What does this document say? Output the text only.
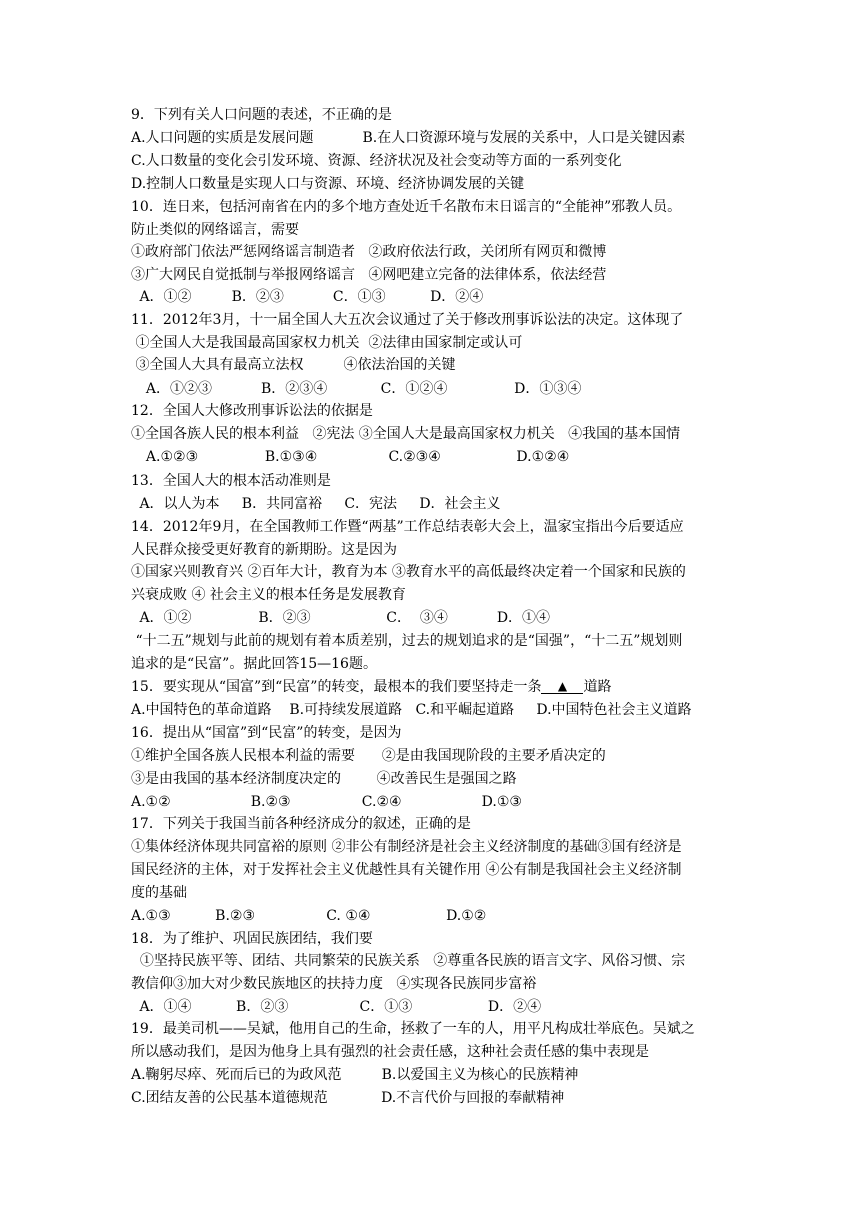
9．下列有关人口问题的表述，不正确的是
A.人口问题的实质是发展问题           B.在人口资源环境与发展的关系中，人口是关键因素
C.人口数量的变化会引发环境、资源、经济状况及社会变动等方面的一系列变化
D.控制人口数量是实现人口与资源、环境、经济协调发展的关键
10．连日来，包括河南省在内的多个地方查处近千名散布末日谣言的“全能神”邪教人员。
防止类似的网络谣言，需要
①政府部门依法严惩网络谣言制造者   ②政府依法行政，关闭所有网页和微博
③广大网民自觉抵制与举报网络谣言   ④网吧建立完备的法律体系，依法经营
A．①②         B．②③           C．①③          D．②④
11．2012年3月，十一届全国人大五次会议通过了关于修改刑事诉讼法的决定。这体现了
①全国人大是我国最高国家权力机关  ②法律由国家制定或认可
③全国人大具有最高立法权         ④依法治国的关键
A．①②③           B．②③④            C．①②④               D．①③④
12．全国人大修改刑事诉讼法的依据是
①全国各族人民的根本利益   ②宪法 ③全国人大是最高国家权力机关   ④我国的基本国情
A.①②③               B.①③④                C.②③④                 D.①②④
13．全国人大的根本活动准则是
A．以人为本     B．共同富裕     C．宪法     D．社会主义
14．2012年9月，在全国教师工作暨“两基”工作总结表彰大会上，温家宝指出今后要适应
人民群众接受更好教育的新期盼。这是因为
①国家兴则教育兴 ②百年大计，教育为本 ③教育水平的高低最终决定着一个国家和民族的
兴衰成败 ④ 社会主义的根本任务是发展教育
A．①②               B．②③                 C．  ③④           D．①④
“十二五”规划与此前的规划有着本质差别，过去的规划追求的是“国强”，“十二五”规划则
追求的是“民富”。据此回答15—16题。
A.中国特色的革命道路    B.可持续发展道路   C.和平崛起道路     D.中国特色社会主义道路
16．提出从“国富”到“民富”的转变，是因为
①维护全国各族人民根本利益的需要      ②是由我国现阶段的主要矛盾决定的
③是由我国的基本经济制度决定的        ④改善民生是强国之路
A.①②                  B.②③                C.②④                  D.①③
17．下列关于我国当前各种经济成分的叙述，正确的是
①集体经济体现共同富裕的原则 ②非公有制经济是社会主义经济制度的基础③国有经济是
国民经济的主体，对于发挥社会主义优越性具有关键作用 ④公有制是我国社会主义经济制
度的基础
A.①③          B.②③                C. ①④                 D.①②
18．为了维护、巩固民族团结，我们要
①坚持民族平等、团结、共同繁荣的民族关系   ②尊重各民族的语言文字、风俗习惯、宗
教信仰③加大对少数民族地区的扶持力度   ④实现各民族同步富裕
A．①④          B．②③                C．①③                 D．②④
19．最美司机——吴斌，他用自己的生命，拯救了一车的人，用平凡构成壮举底色。吴斌之
所以感动我们，是因为他身上具有强烈的社会责任感，这种社会责任感的集中表现是
A.鞠躬尽瘁、死而后已的为政风范         B.以爱国主义为核心的民族精神
C.团结友善的公民基本道德规范            D.不言代价与回报的奉献精神
15．要实现从“国富”到“民富”的转变，最根本的我们要坚持走一条 ▲ 道路
